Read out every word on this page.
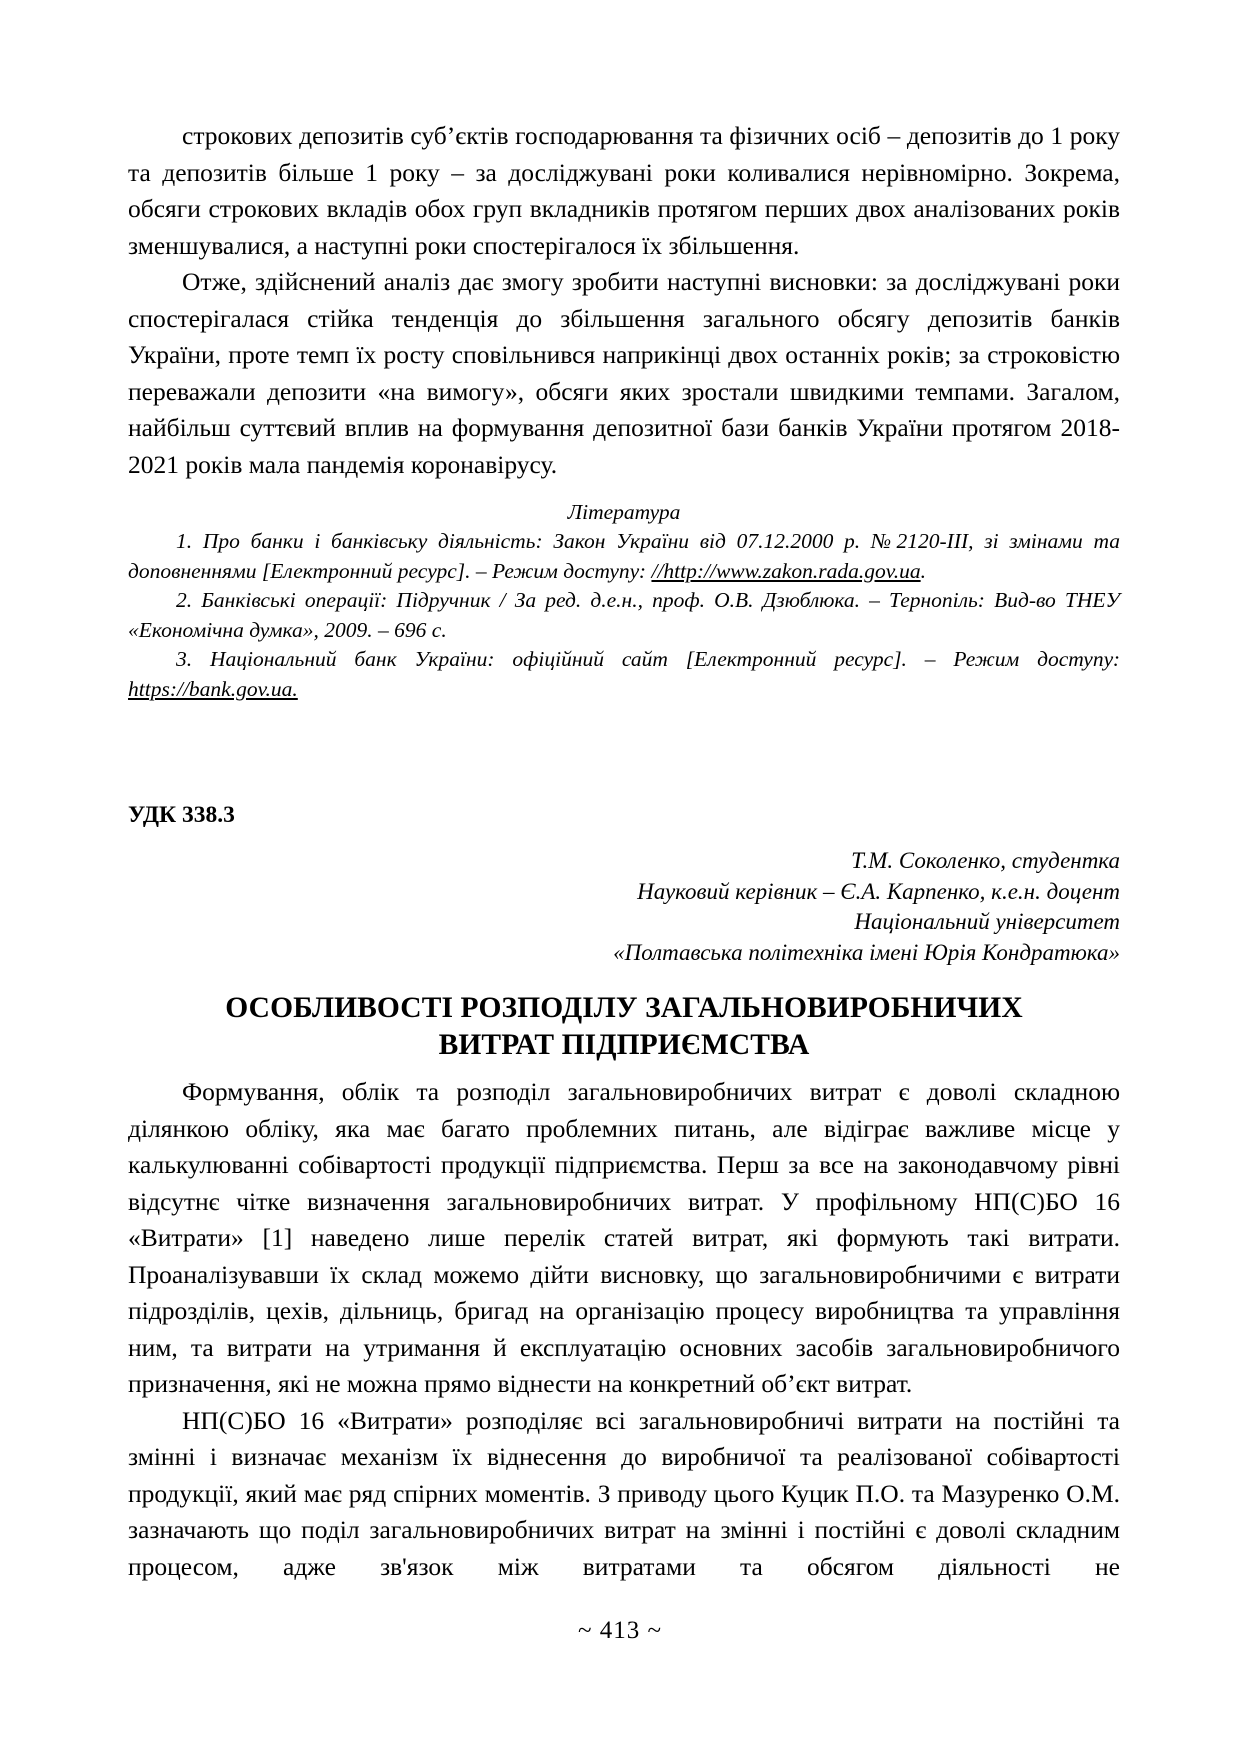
строкових депозитів суб’єктів господарювання та фізичних осіб – депозитів до 1 року та депозитів більше 1 року – за досліджувані роки коливалися нерівномірно. Зокрема, обсяги строкових вкладів обох груп вкладників протягом перших двох аналізованих років зменшувалися, а наступні роки спостерігалося їх збільшення.

Отже, здійснений аналіз дає змогу зробити наступні висновки: за досліджувані роки спостерігалася стійка тенденція до збільшення загального обсягу депозитів банків України, проте темп їх росту сповільнився наприкінці двох останніх років; за строковістю переважали депозити «на вимогу», обсяги яких зростали швидкими темпами. Загалом, найбільш суттєвий вплив на формування депозитної бази банків України протягом 2018-2021 років мала пандемія коронавірусу.

Література

1. Про банки і банківську діяльність: Закон України від 07.12.2000 р. №2120-ІІІ, зі змінами та доповненнями [Електронний ресурс]. – Режим доступу: //http://www.zakon.rada.gov.ua.

2. Банківські операції: Підручник / За ред. д.е.н., проф. О.В. Дзюблюка. – Тернопіль: Вид-во ТНЕУ «Економічна думка», 2009. – 696 с.

3. Національний банк України: офіційний сайт [Електронний ресурс]. – Режим доступу: https://bank.gov.ua.

УДК 338.3

Т.М. Соколенко, студентка
Науковий керівник – Є.А. Карпенко, к.е.н. доцент
Національний університет
«Полтавська політехніка імені Юрія Кондратюка»
ОСОБЛИВОСТІ РОЗПОДІЛУ ЗАГАЛЬНОВИРОБНИЧИХ
ВИТРАТ ПІДПРИЄМСТВА

Формування, облік та розподіл загальновиробничих витрат є доволі складною ділянкою обліку, яка має багато проблемних питань, але відіграє важливе місце у калькулюванні собівартості продукції підприємства. Перш за все на законодавчому рівні відсутнє чітке визначення загальновиробничих витрат. У профільному НП(С)БО 16 «Витрати» [1] наведено лише перелік статей витрат, які формують такі витрати. Проаналізувавши їх склад можемо дійти висновку, що загальновиробничими є витрати підрозділів, цехів, дільниць, бригад на організацію процесу виробництва та управління ним, та витрати на утримання й експлуатацію основних засобів загальновиробничого призначення, які не можна прямо віднести на конкретний об’єкт витрат.

НП(С)БО 16 «Витрати» розподіляє всі загальновиробничі витрати на постійні та змінні і визначає механізм їх віднесення до виробничої та реалізованої собівартості продукції, який має ряд спірних моментів. З приводу цього Куцик П.О. та Мазуренко О.М. зазначають що поділ загальновиробничих витрат на змінні і постійні є доволі складним процесом, адже зв'язок між витратами та обсягом діяльності не

~ 413 ~
